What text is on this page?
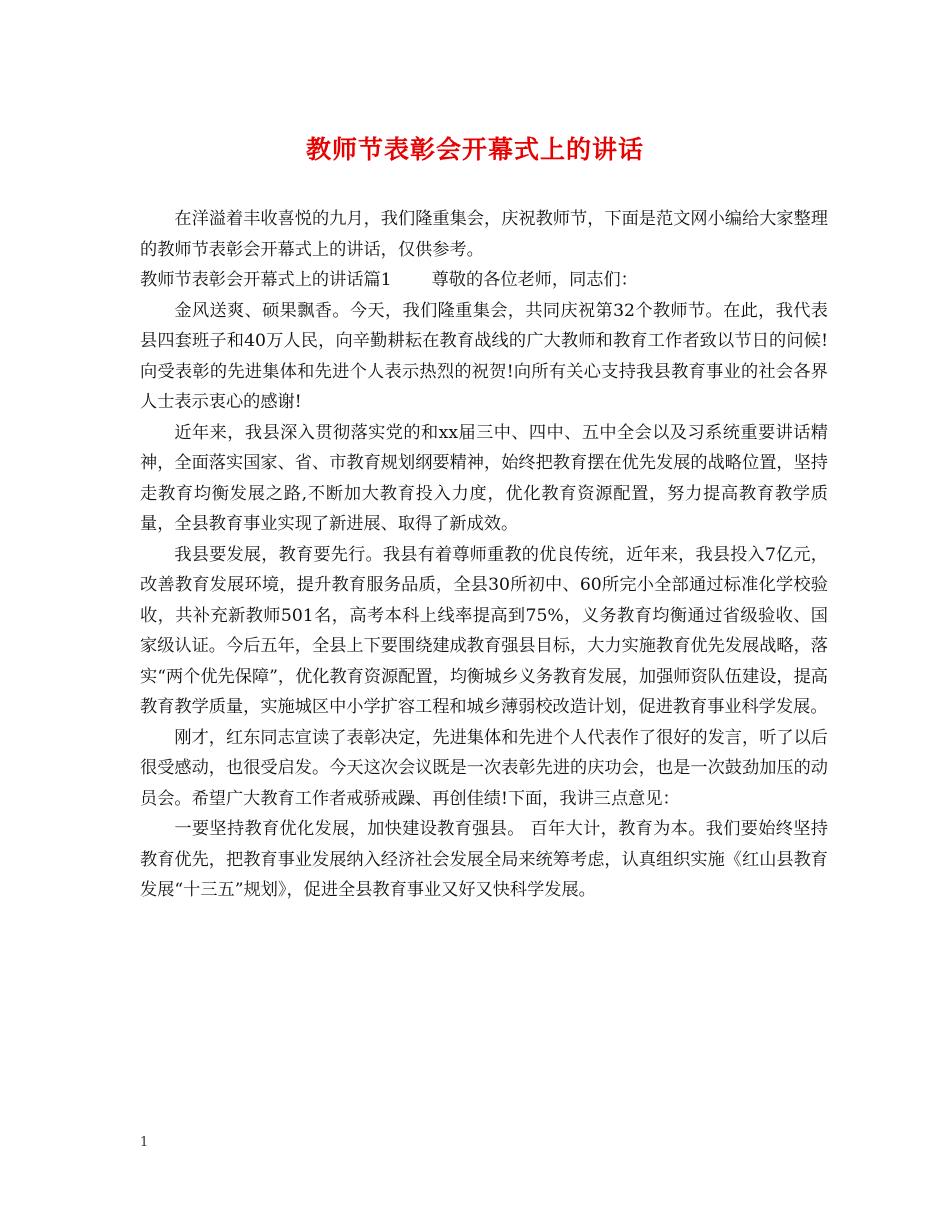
教师节表彰会开幕式上的讲话

在洋溢着丰收喜悦的九月，我们隆重集会，庆祝教师节，下面是范文网小编给大家整理的教师节表彰会开幕式上的讲话，仅供参考。

教师节表彰会开幕式上的讲话篇1 尊敬的各位老师，同志们：

金风送爽、硕果飘香。今天，我们隆重集会，共同庆祝第32个教师节。在此，我代表县四套班子和40万人民，向辛勤耕耘在教育战线的广大教师和教育工作者致以节日的问候!向受表彰的先进集体和先进个人表示热烈的祝贺!向所有关心支持我县教育事业的社会各界人士表示衷心的感谢!

近年来，我县深入贯彻落实党的和xx届三中、四中、五中全会以及习系统重要讲话精神，全面落实国家、省、市教育规划纲要精神，始终把教育摆在优先发展的战略位置，坚持走教育均衡发展之路,不断加大教育投入力度，优化教育资源配置，努力提高教育教学质量，全县教育事业实现了新进展、取得了新成效。

我县要发展，教育要先行。我县有着尊师重教的优良传统，近年来，我县投入7亿元，改善教育发展环境，提升教育服务品质，全县30所初中、60所完小全部通过标准化学校验收，共补充新教师501名，高考本科上线率提高到75%，义务教育均衡通过省级验收、国家级认证。今后五年，全县上下要围绕建成教育强县目标，大力实施教育优先发展战略，落实“两个优先保障”，优化教育资源配置，均衡城乡义务教育发展，加强师资队伍建设，提高教育教学质量，实施城区中小学扩容工程和城乡薄弱校改造计划，促进教育事业科学发展。

刚才，红东同志宣读了表彰决定，先进集体和先进个人代表作了很好的发言，听了以后很受感动，也很受启发。今天这次会议既是一次表彰先进的庆功会，也是一次鼓劲加压的动员会。希望广大教育工作者戒骄戒躁、再创佳绩!下面，我讲三点意见：

一要坚持教育优化发展，加快建设教育强县。 百年大计，教育为本。我们要始终坚持教育优先，把教育事业发展纳入经济社会发展全局来统筹考虑，认真组织实施《红山县教育发展“十三五”规划》，促进全县教育事业又好又快科学发展。

1
